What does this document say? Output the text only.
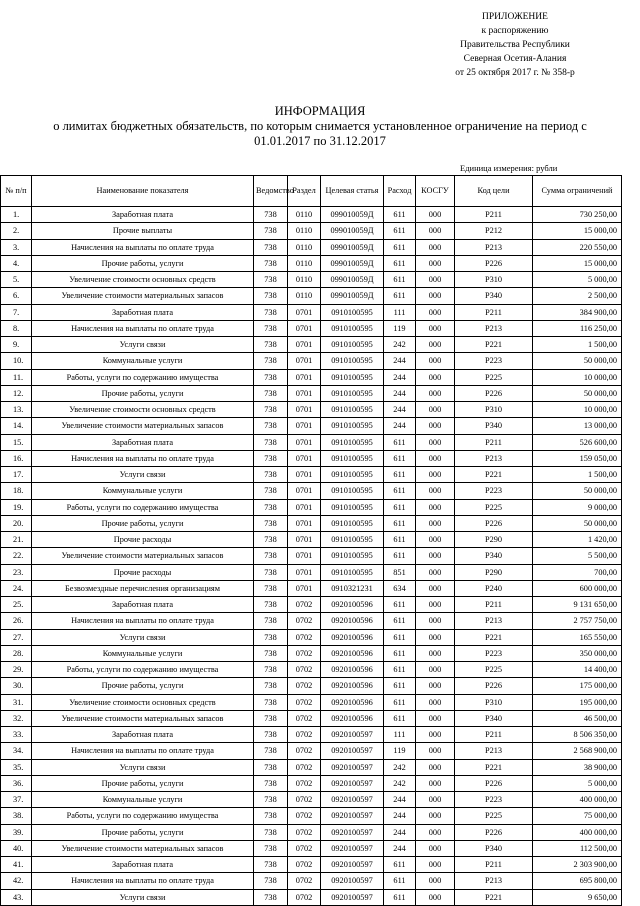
ПРИЛОЖЕНИЕ
к распоряжению
Правительства Республики
Северная Осетия-Алания
от 25 октября 2017 г. № 358-р
ИНФОРМАЦИЯ
о лимитах бюджетных обязательств, по которым снимается установленное ограничение на период с
01.01.2017 по 31.12.2017
Единица измерения: рубли
№ п/п	Наименование показателя	Ведомство	Раздел	Целевая статья	Расход	КОСГУ	Код цели	Сумма ограничений
1.	Заработная плата	738	0110	099010059Д	611	000	P211	730 250,00
2.	Прочие выплаты	738	0110	099010059Д	611	000	P212	15 000,00
3.	Начисления на выплаты по оплате труда	738	0110	099010059Д	611	000	P213	220 550,00
4.	Прочие работы, услуги	738	0110	099010059Д	611	000	P226	15 000,00
5.	Увеличение стоимости основных средств	738	0110	099010059Д	611	000	P310	5 000,00
6.	Увеличение стоимости материальных запасов	738	0110	099010059Д	611	000	P340	2 500,00
7.	Заработная плата	738	0701	0910100595	111	000	P211	384 900,00
8.	Начисления на выплаты по оплате труда	738	0701	0910100595	119	000	P213	116 250,00
9.	Услуги связи	738	0701	0910100595	242	000	P221	1 500,00
10.	Коммунальные услуги	738	0701	0910100595	244	000	P223	50 000,00
11.	Работы, услуги по содержанию имущества	738	0701	0910100595	244	000	P225	10 000,00
12.	Прочие работы, услуги	738	0701	0910100595	244	000	P226	50 000,00
13.	Увеличение стоимости основных средств	738	0701	0910100595	244	000	P310	10 000,00
14.	Увеличение стоимости материальных запасов	738	0701	0910100595	244	000	P340	13 000,00
15.	Заработная плата	738	0701	0910100595	611	000	P211	526 600,00
16.	Начисления на выплаты по оплате труда	738	0701	0910100595	611	000	P213	159 050,00
17.	Услуги связи	738	0701	0910100595	611	000	P221	1 500,00
18.	Коммунальные услуги	738	0701	0910100595	611	000	P223	50 000,00
19.	Работы, услуги по содержанию имущества	738	0701	0910100595	611	000	P225	9 000,00
20.	Прочие работы, услуги	738	0701	0910100595	611	000	P226	50 000,00
21.	Прочие расходы	738	0701	0910100595	611	000	P290	1 420,00
22.	Увеличение стоимости материальных запасов	738	0701	0910100595	611	000	P340	5 500,00
23.	Прочие расходы	738	0701	0910100595	851	000	P290	700,00
24.	Безвозмездные перечисления организациям	738	0701	0910321231	634	000	P240	600 000,00
25.	Заработная плата	738	0702	0920100596	611	000	P211	9 131 650,00
26.	Начисления на выплаты по оплате труда	738	0702	0920100596	611	000	P213	2 757 750,00
27.	Услуги связи	738	0702	0920100596	611	000	P221	165 550,00
28.	Коммунальные услуги	738	0702	0920100596	611	000	P223	350 000,00
29.	Работы, услуги по содержанию имущества	738	0702	0920100596	611	000	P225	14 400,00
30.	Прочие работы, услуги	738	0702	0920100596	611	000	P226	175 000,00
31.	Увеличение стоимости основных средств	738	0702	0920100596	611	000	P310	195 000,00
32.	Увеличение стоимости материальных запасов	738	0702	0920100596	611	000	P340	46 500,00
33.	Заработная плата	738	0702	0920100597	111	000	P211	8 506 350,00
34.	Начисления на выплаты по оплате труда	738	0702	0920100597	119	000	P213	2 568 900,00
35.	Услуги связи	738	0702	0920100597	242	000	P221	38 900,00
36.	Прочие работы, услуги	738	0702	0920100597	242	000	P226	5 000,00
37.	Коммунальные услуги	738	0702	0920100597	244	000	P223	400 000,00
38.	Работы, услуги по содержанию имущества	738	0702	0920100597	244	000	P225	75 000,00
39.	Прочие работы, услуги	738	0702	0920100597	244	000	P226	400 000,00
40.	Увеличение стоимости материальных запасов	738	0702	0920100597	244	000	P340	112 500,00
41.	Заработная плата	738	0702	0920100597	611	000	P211	2 303 900,00
42.	Начисления на выплаты по оплате труда	738	0702	0920100597	611	000	P213	695 800,00
43.	Услуги связи	738	0702	0920100597	611	000	P221	9 650,00
